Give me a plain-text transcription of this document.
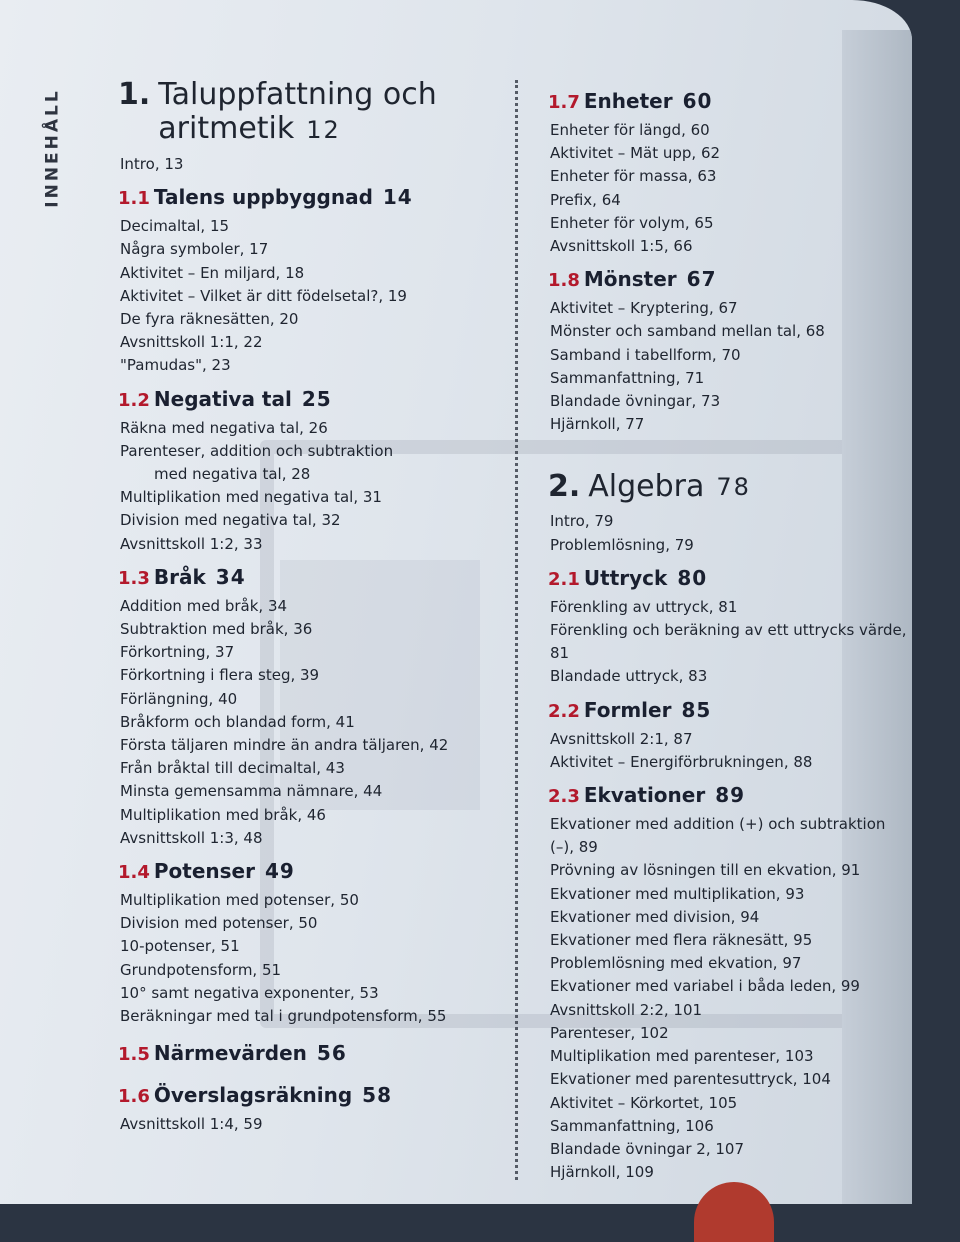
INNEHÅLL 1. Taluppfattning och
aritmetik 12
Intro, 13
1.1 Talens uppbyggnad 14
Decimaltal, 15
Några symboler, 17
Aktivitet – En miljard, 18
Aktivitet – Vilket är ditt födelsetal?, 19
De fyra räknesätten, 20
Avsnittskoll 1:1, 22
"Pamudas", 23
1.2 Negativa tal 25
Räkna med negativa tal, 26
Parenteser, addition och subtraktion
med negativa tal, 28
Multiplikation med negativa tal, 31
Division med negativa tal, 32
Avsnittskoll 1:2, 33
1.3 Bråk 34
Addition med bråk, 34
Subtraktion med bråk, 36
Förkortning, 37
Förkortning i flera steg, 39
Förlängning, 40
Bråkform och blandad form, 41
Första täljaren mindre än andra täljaren, 42
Från bråktal till decimaltal, 43
Minsta gemensamma nämnare, 44
Multiplikation med bråk, 46
Avsnittskoll 1:3, 48
1.4 Potenser 49
Multiplikation med potenser, 50
Division med potenser, 50
10-potenser, 51
Grundpotensform, 51
10° samt negativa exponenter, 53
Beräkningar med tal i grundpotensform, 55
1.5 Närmevärden 56
1.6 Överslagsräkning 58
Avsnittskoll 1:4, 59
1.7 Enheter 60
Enheter för längd, 60
Aktivitet – Mät upp, 62
Enheter för massa, 63
Prefix, 64
Enheter för volym, 65
Avsnittskoll 1:5, 66
1.8 Mönster 67
Aktivitet – Kryptering, 67
Mönster och samband mellan tal, 68
Samband i tabellform, 70
Sammanfattning, 71
Blandade övningar, 73
Hjärnkoll, 77
2. Algebra 78
Intro, 79
Problemlösning, 79
2.1 Uttryck 80
Förenkling av uttryck, 81
Förenkling och beräkning av ett uttrycks värde, 81
Blandade uttryck, 83
2.2 Formler 85
Avsnittskoll 2:1, 87
Aktivitet – Energiförbrukningen, 88
2.3 Ekvationer 89
Ekvationer med addition (+) och subtraktion (–), 89
Prövning av lösningen till en ekvation, 91
Ekvationer med multiplikation, 93
Ekvationer med division, 94
Ekvationer med flera räknesätt, 95
Problemlösning med ekvation, 97
Ekvationer med variabel i båda leden, 99
Avsnittskoll 2:2, 101
Parenteser, 102
Multiplikation med parenteser, 103
Ekvationer med parentesuttryck, 104
Aktivitet – Körkortet, 105
Sammanfattning, 106
Blandade övningar 2, 107
Hjärnkoll, 109
